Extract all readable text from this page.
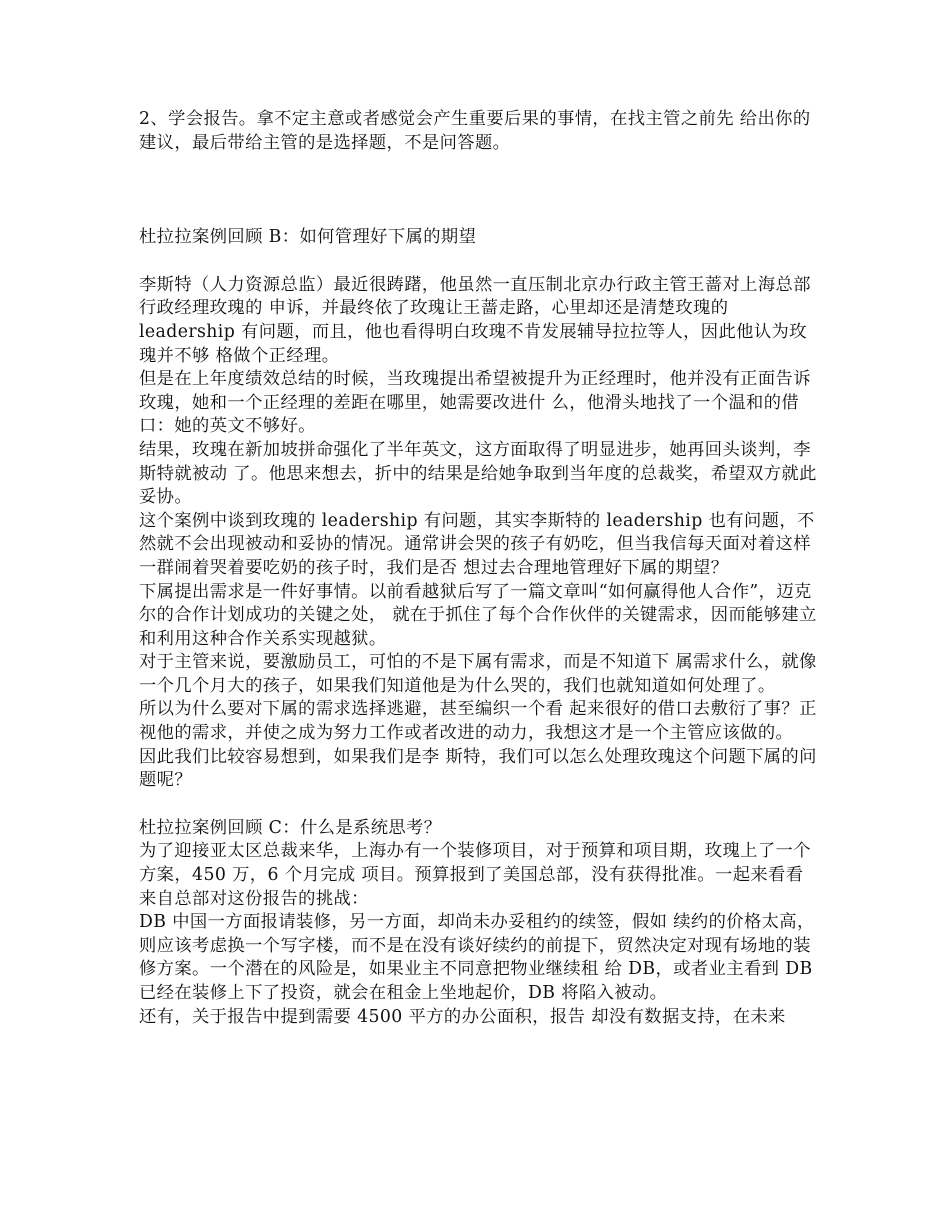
2、学会报告。拿不定主意或者感觉会产生重要后果的事情，在找主管之前先 给出你的建议，最后带给主管的是选择题，不是问答题。

杜拉拉案例回顾 B：如何管理好下属的期望

李斯特（人力资源总监）最近很踌躇，他虽然一直压制北京办行政主管王蔷对上海总部行政经理玫瑰的 申诉，并最终依了玫瑰让王蔷走路，心里却还是清楚玫瑰的 leadership 有问题，而且，他也看得明白玫瑰不肯发展辅导拉拉等人，因此他认为玫瑰并不够 格做个正经理。

但是在上年度绩效总结的时候，当玫瑰提出希望被提升为正经理时，他并没有正面告诉玫瑰，她和一个正经理的差距在哪里，她需要改进什 么，他滑头地找了一个温和的借口：她的英文不够好。

结果，玫瑰在新加坡拼命强化了半年英文，这方面取得了明显进步，她再回头谈判，李斯特就被动 了。他思来想去，折中的结果是给她争取到当年度的总裁奖，希望双方就此妥协。

这个案例中谈到玫瑰的 leadership 有问题，其实李斯特的 leadership 也有问题，不然就不会出现被动和妥协的情况。通常讲会哭的孩子有奶吃，但当我信每天面对着这样一群闹着哭着要吃奶的孩子时，我们是否 想过去合理地管理好下属的期望？

下属提出需求是一件好事情。以前看越狱后写了一篇文章叫“如何赢得他人合作”，迈克尔的合作计划成功的关键之处， 就在于抓住了每个合作伙伴的关键需求，因而能够建立和利用这种合作关系实现越狱。

对于主管来说，要激励员工，可怕的不是下属有需求，而是不知道下 属需求什么，就像一个几个月大的孩子，如果我们知道他是为什么哭的，我们也就知道如何处理了。

所以为什么要对下属的需求选择逃避，甚至编织一个看 起来很好的借口去敷衍了事？正视他的需求，并使之成为努力工作或者改进的动力，我想这才是一个主管应该做的。

因此我们比较容易想到，如果我们是李 斯特，我们可以怎么处理玫瑰这个问题下属的问题呢？

杜拉拉案例回顾 C：什么是系统思考？

为了迎接亚太区总裁来华，上海办有一个装修项目，对于预算和项目期，玫瑰上了一个方案，450 万，6 个月完成 项目。预算报到了美国总部，没有获得批准。一起来看看来自总部对这份报告的挑战：

DB 中国一方面报请装修，另一方面，却尚未办妥租约的续签，假如 续约的价格太高，则应该考虑换一个写字楼，而不是在没有谈好续约的前提下，贸然决定对现有场地的装修方案。一个潜在的风险是，如果业主不同意把物业继续租 给 DB，或者业主看到 DB 已经在装修上下了投资，就会在租金上坐地起价，DB 将陷入被动。

还有，关于报告中提到需要 4500 平方的办公面积，报告 却没有数据支持，在未来
